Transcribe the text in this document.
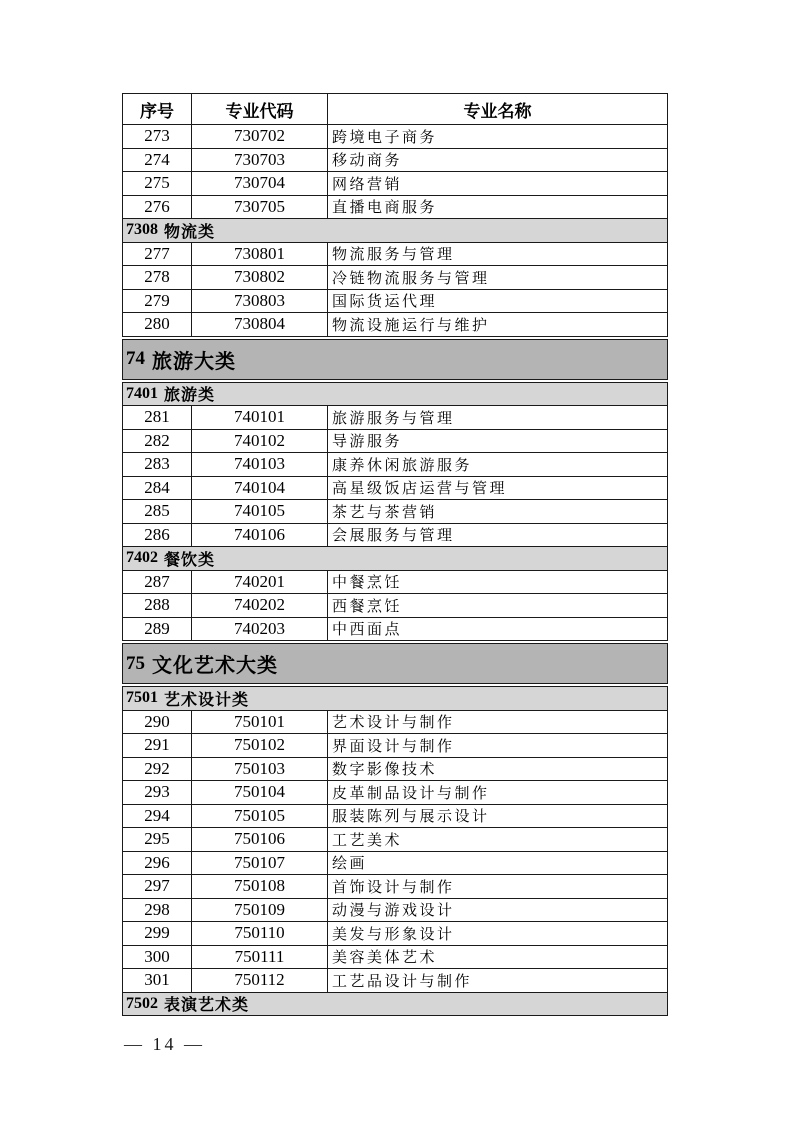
序号	专业代码	专业名称
273	730702	跨境电子商务
274	730703	移动商务
275	730704	网络营销
276	730705	直播电商服务
7308 物流类
277	730801	物流服务与管理
278	730802	冷链物流服务与管理
279	730803	国际货运代理
280	730804	物流设施运行与维护
74 旅游大类
7401 旅游类
281	740101	旅游服务与管理
282	740102	导游服务
283	740103	康养休闲旅游服务
284	740104	高星级饭店运营与管理
285	740105	茶艺与茶营销
286	740106	会展服务与管理
7402 餐饮类
287	740201	中餐烹饪
288	740202	西餐烹饪
289	740203	中西面点
75 文化艺术大类
7501 艺术设计类
290	750101	艺术设计与制作
291	750102	界面设计与制作
292	750103	数字影像技术
293	750104	皮革制品设计与制作
294	750105	服装陈列与展示设计
295	750106	工艺美术
296	750107	绘画
297	750108	首饰设计与制作
298	750109	动漫与游戏设计
299	750110	美发与形象设计
300	750111	美容美体艺术
301	750112	工艺品设计与制作
7502 表演艺术类
— 14 —
